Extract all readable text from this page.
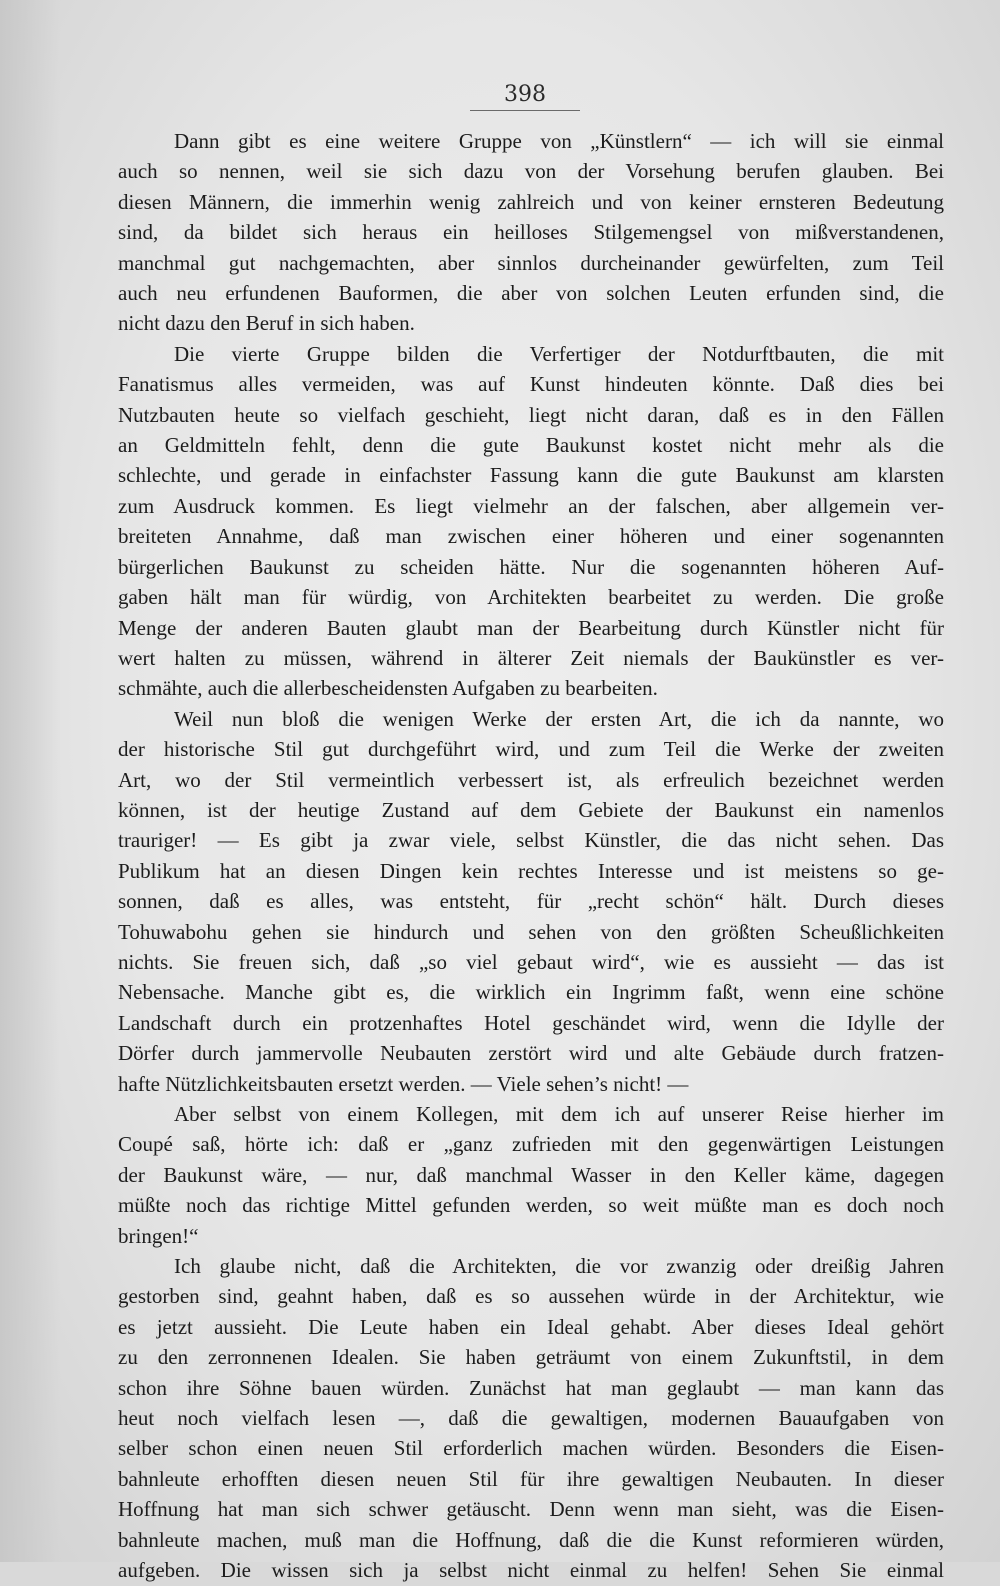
398

Dann gibt es eine weitere Gruppe von „Künstlern“ — ich will sie einmal

auch so nennen, weil sie sich dazu von der Vorsehung berufen glauben. Bei

diesen Männern, die immerhin wenig zahlreich und von keiner ernsteren Bedeutung

sind, da bildet sich heraus ein heilloses Stilgemengsel von mißverstandenen,

manchmal gut nachgemachten, aber sinnlos durcheinander gewürfelten, zum Teil

auch neu erfundenen Bauformen, die aber von solchen Leuten erfunden sind, die

nicht dazu den Beruf in sich haben.

Die vierte Gruppe bilden die Verfertiger der Notdurftbauten, die mit

Fanatismus alles vermeiden, was auf Kunst hindeuten könnte. Daß dies bei

Nutzbauten heute so vielfach geschieht, liegt nicht daran, daß es in den Fällen

an Geldmitteln fehlt, denn die gute Baukunst kostet nicht mehr als die

schlechte, und gerade in einfachster Fassung kann die gute Baukunst am klarsten

zum Ausdruck kommen. Es liegt vielmehr an der falschen, aber allgemein ver-

breiteten Annahme, daß man zwischen einer höheren und einer sogenannten

bürgerlichen Baukunst zu scheiden hätte. Nur die sogenannten höheren Auf-

gaben hält man für würdig, von Architekten bearbeitet zu werden. Die große

Menge der anderen Bauten glaubt man der Bearbeitung durch Künstler nicht für

wert halten zu müssen, während in älterer Zeit niemals der Baukünstler es ver-

schmähte, auch die allerbescheidensten Aufgaben zu bearbeiten.

Weil nun bloß die wenigen Werke der ersten Art, die ich da nannte, wo

der historische Stil gut durchgeführt wird, und zum Teil die Werke der zweiten

Art, wo der Stil vermeintlich verbessert ist, als erfreulich bezeichnet werden

können, ist der heutige Zustand auf dem Gebiete der Baukunst ein namenlos

trauriger! — Es gibt ja zwar viele, selbst Künstler, die das nicht sehen. Das

Publikum hat an diesen Dingen kein rechtes Interesse und ist meistens so ge-

sonnen, daß es alles, was entsteht, für „recht schön“ hält. Durch dieses

Tohuwabohu gehen sie hindurch und sehen von den größten Scheußlichkeiten

nichts. Sie freuen sich, daß „so viel gebaut wird“, wie es aussieht — das ist

Nebensache. Manche gibt es, die wirklich ein Ingrimm faßt, wenn eine schöne

Landschaft durch ein protzenhaftes Hotel geschändet wird, wenn die Idylle der

Dörfer durch jammervolle Neubauten zerstört wird und alte Gebäude durch fratzen-

hafte Nützlichkeitsbauten ersetzt werden. — Viele sehen’s nicht! —

Aber selbst von einem Kollegen, mit dem ich auf unserer Reise hierher im

Coupé saß, hörte ich: daß er „ganz zufrieden mit den gegenwärtigen Leistungen

der Baukunst wäre, — nur, daß manchmal Wasser in den Keller käme, dagegen

müßte noch das richtige Mittel gefunden werden, so weit müßte man es doch noch

bringen!“

Ich glaube nicht, daß die Architekten, die vor zwanzig oder dreißig Jahren

gestorben sind, geahnt haben, daß es so aussehen würde in der Architektur, wie

es jetzt aussieht. Die Leute haben ein Ideal gehabt. Aber dieses Ideal gehört

zu den zerronnenen Idealen. Sie haben geträumt von einem Zukunftstil, in dem

schon ihre Söhne bauen würden. Zunächst hat man geglaubt — man kann das

heut noch vielfach lesen —, daß die gewaltigen, modernen Bauaufgaben von

selber schon einen neuen Stil erforderlich machen würden. Besonders die Eisen-

bahnleute erhofften diesen neuen Stil für ihre gewaltigen Neubauten. In dieser

Hoffnung hat man sich schwer getäuscht. Denn wenn man sieht, was die Eisen-

bahnleute machen, muß man die Hoffnung, daß die die Kunst reformieren würden,

aufgeben. Die wissen sich ja selbst nicht einmal zu helfen! Sehen Sie einmal
